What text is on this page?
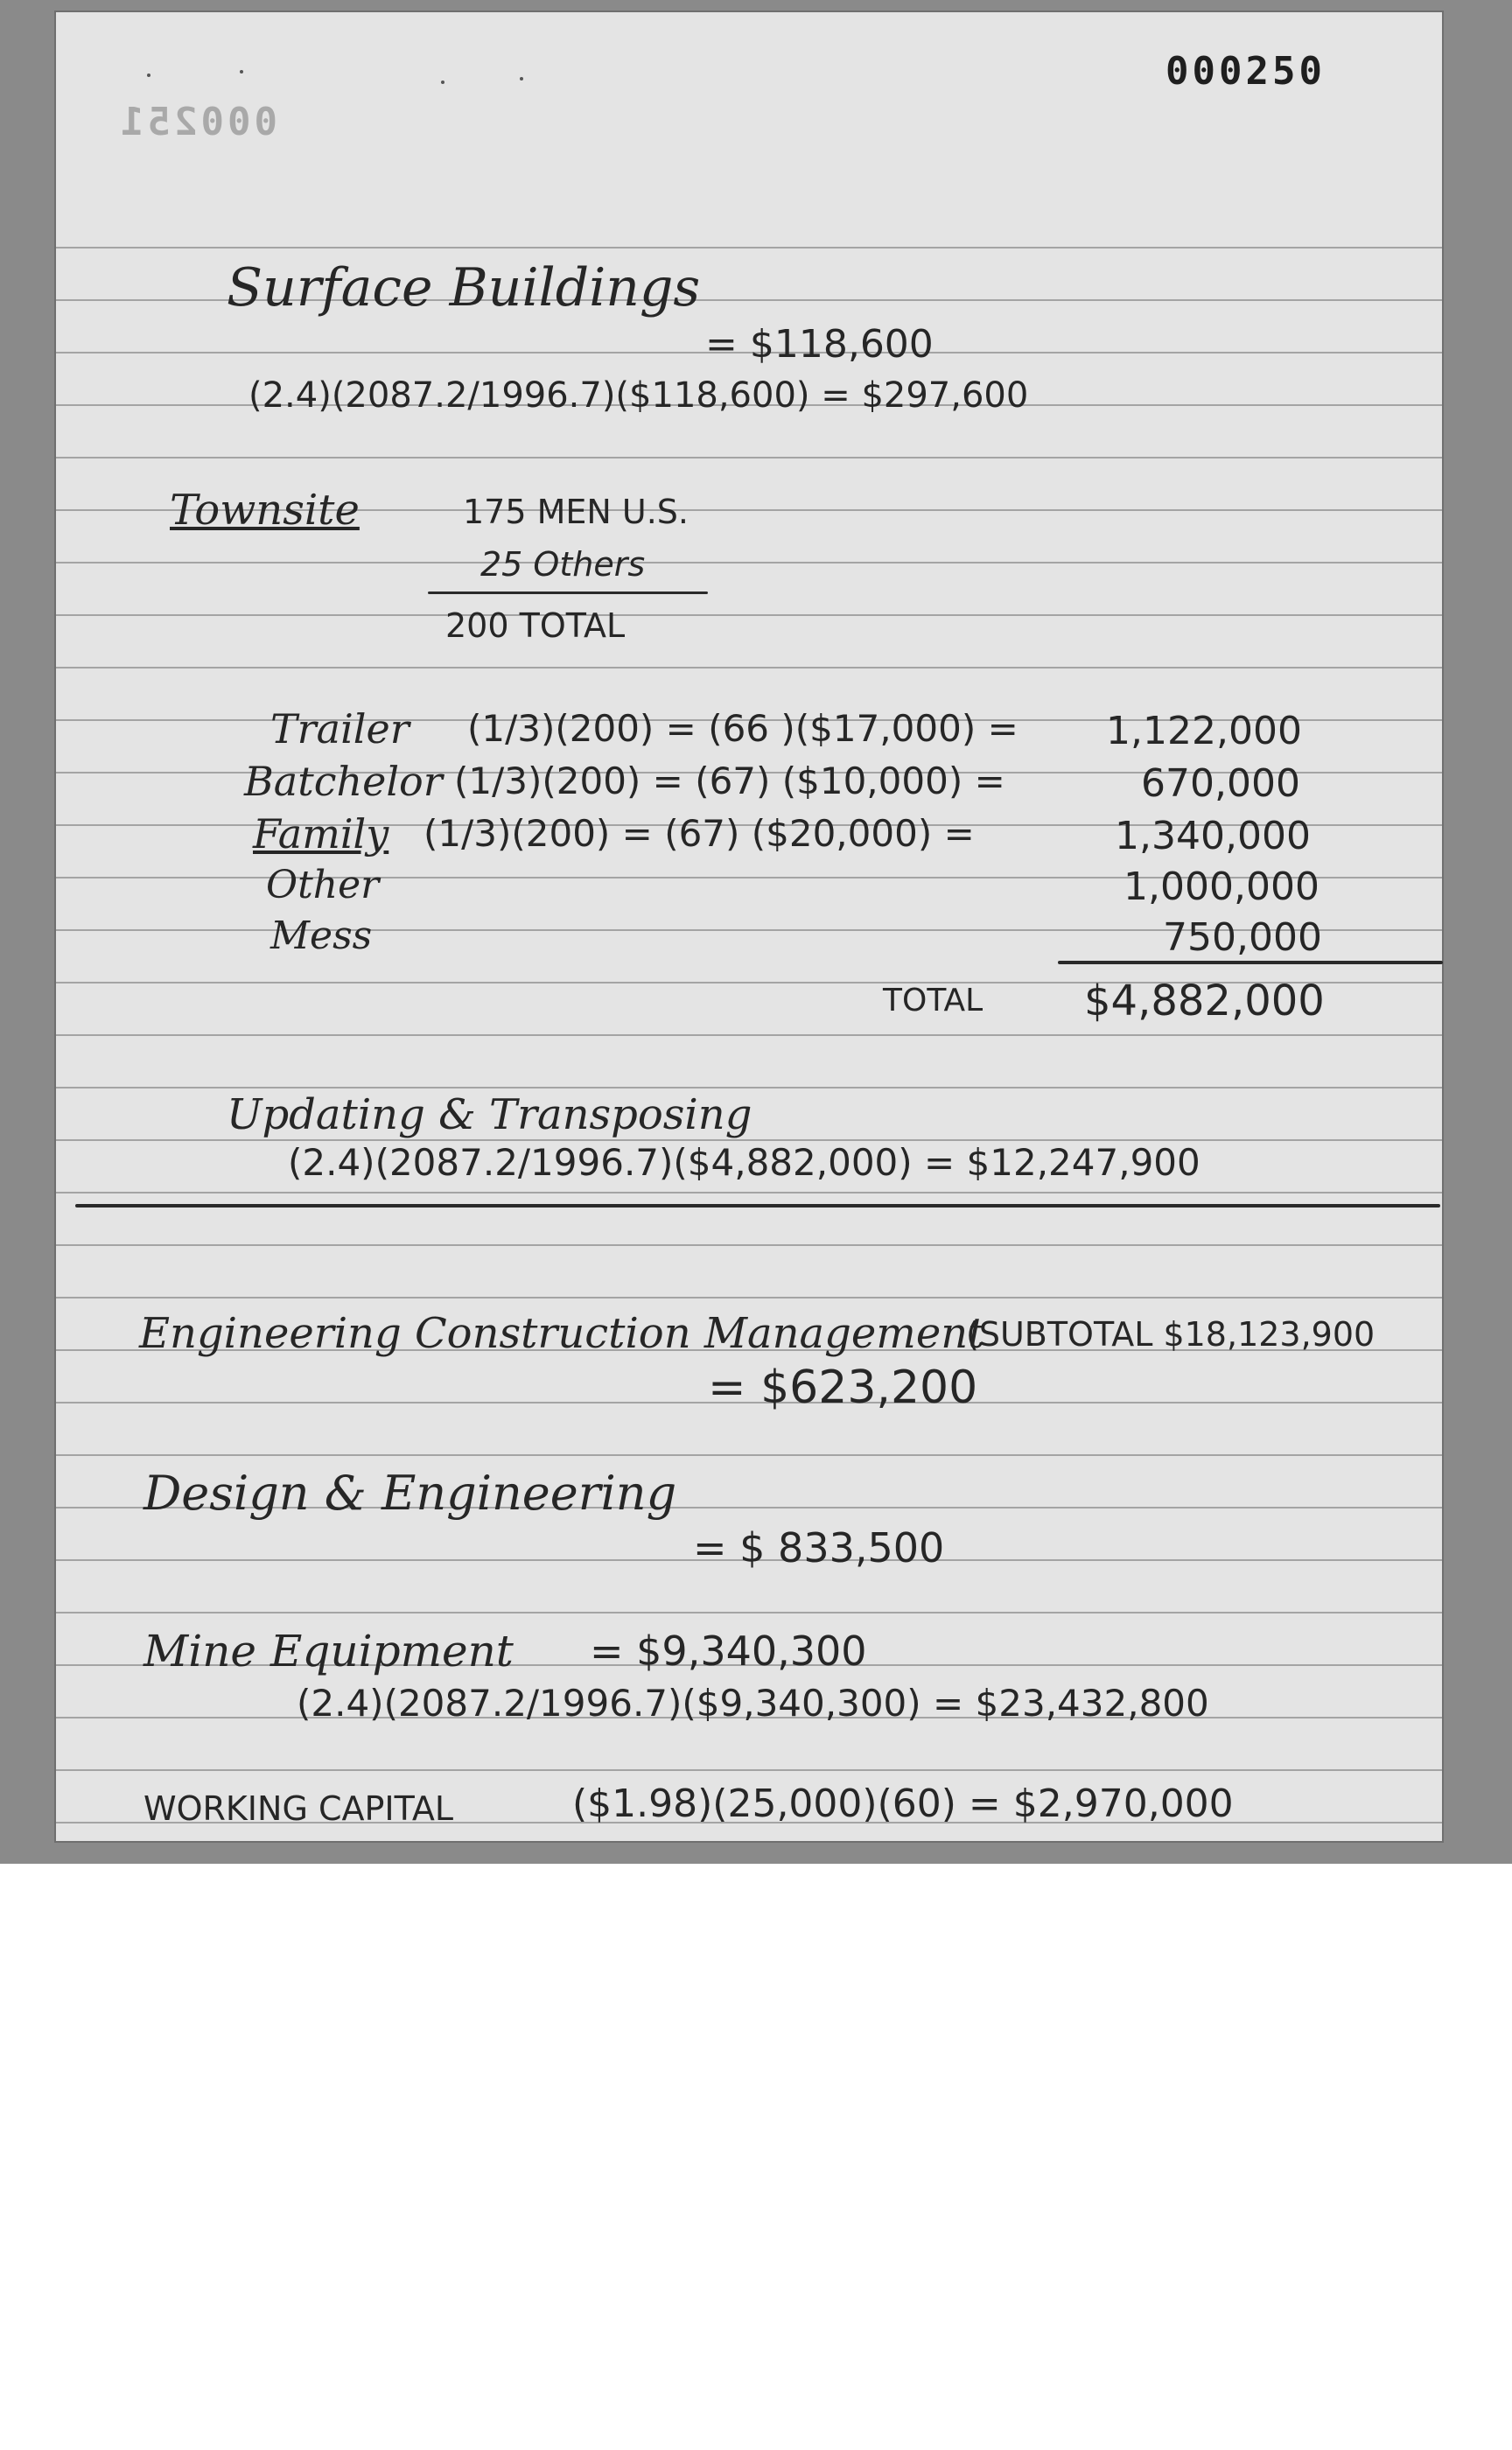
000250
000251
Surface Buildings
= $118,600
(2.4)(2087.2/1996.7)($118,600) = $297,600
Townsite	175 MEN U.S.
25 Others
200 TOTAL
Trailer (1/3)(200) = (66 )($17,000) = 1,122,000
Batchelor (1/3)(200) = (67) ($10,000) =	670,000
Family (1/3)(200) = (67) ($20,000) =	1,340,000
Other	1,000,000
Mess	750,000
TOTAL $4,882,000
Updating & Transposing
(2.4)(2087.2/1996.7)($4,882,000) = $12,247,900
Engineering Construction Management
(SUBTOTAL $18,123,900
= $623,200
Design & Engineering
= $ 833,500
Mine Equipment = $9,340,300
(2.4)(2087.2/1996.7)($9,340,300) = $23,432,800
WORKING CAPITAL	($1.98)(25,000)(60) = $2,970,000
